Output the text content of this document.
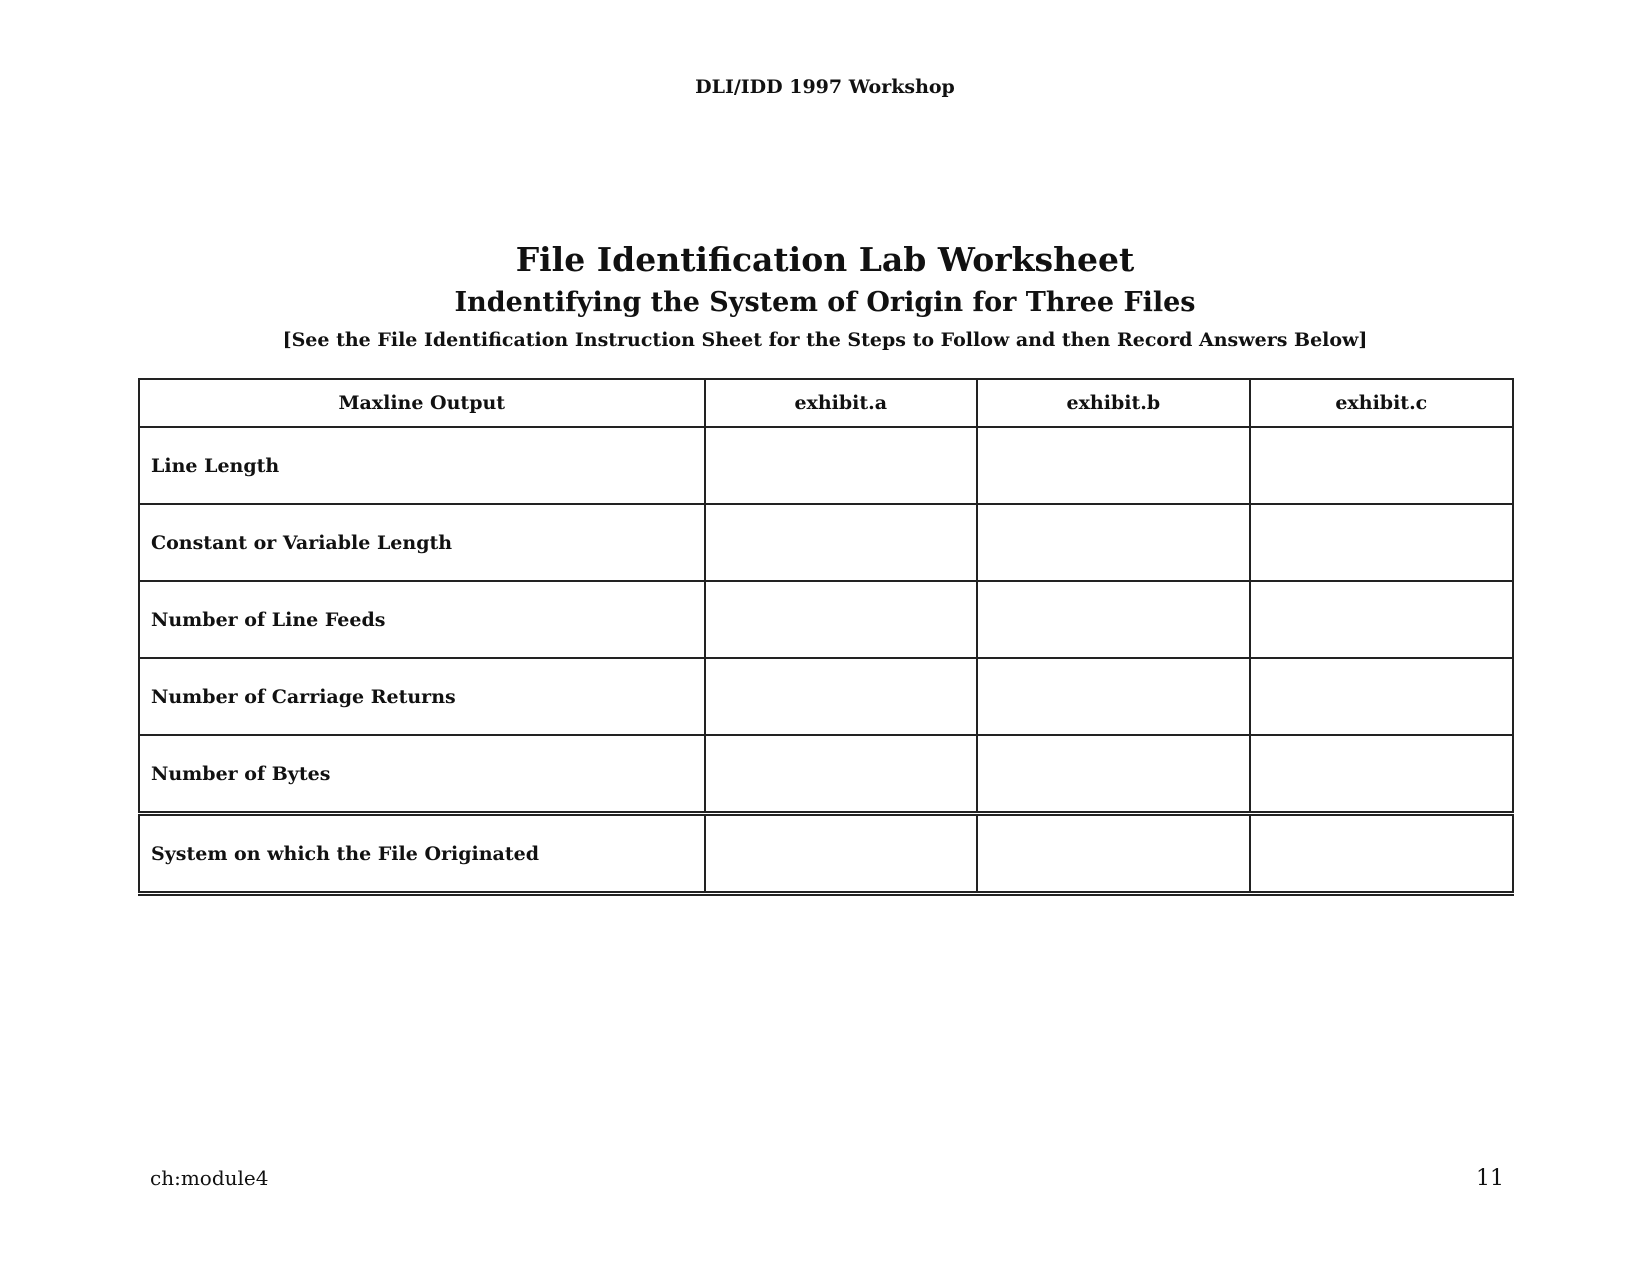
DLI/IDD 1997 Workshop
File Identification Lab Worksheet
Indentifying the System of Origin for Three Files
[See the File Identification Instruction Sheet for the Steps to Follow and then Record Answers Below]
Maxline Output	exhibit.a	exhibit.b	exhibit.c
Line Length			
Constant or Variable Length			
Number of Line Feeds			
Number of Carriage Returns			
Number of Bytes			
System on which the File Originated			
ch:module4	11
